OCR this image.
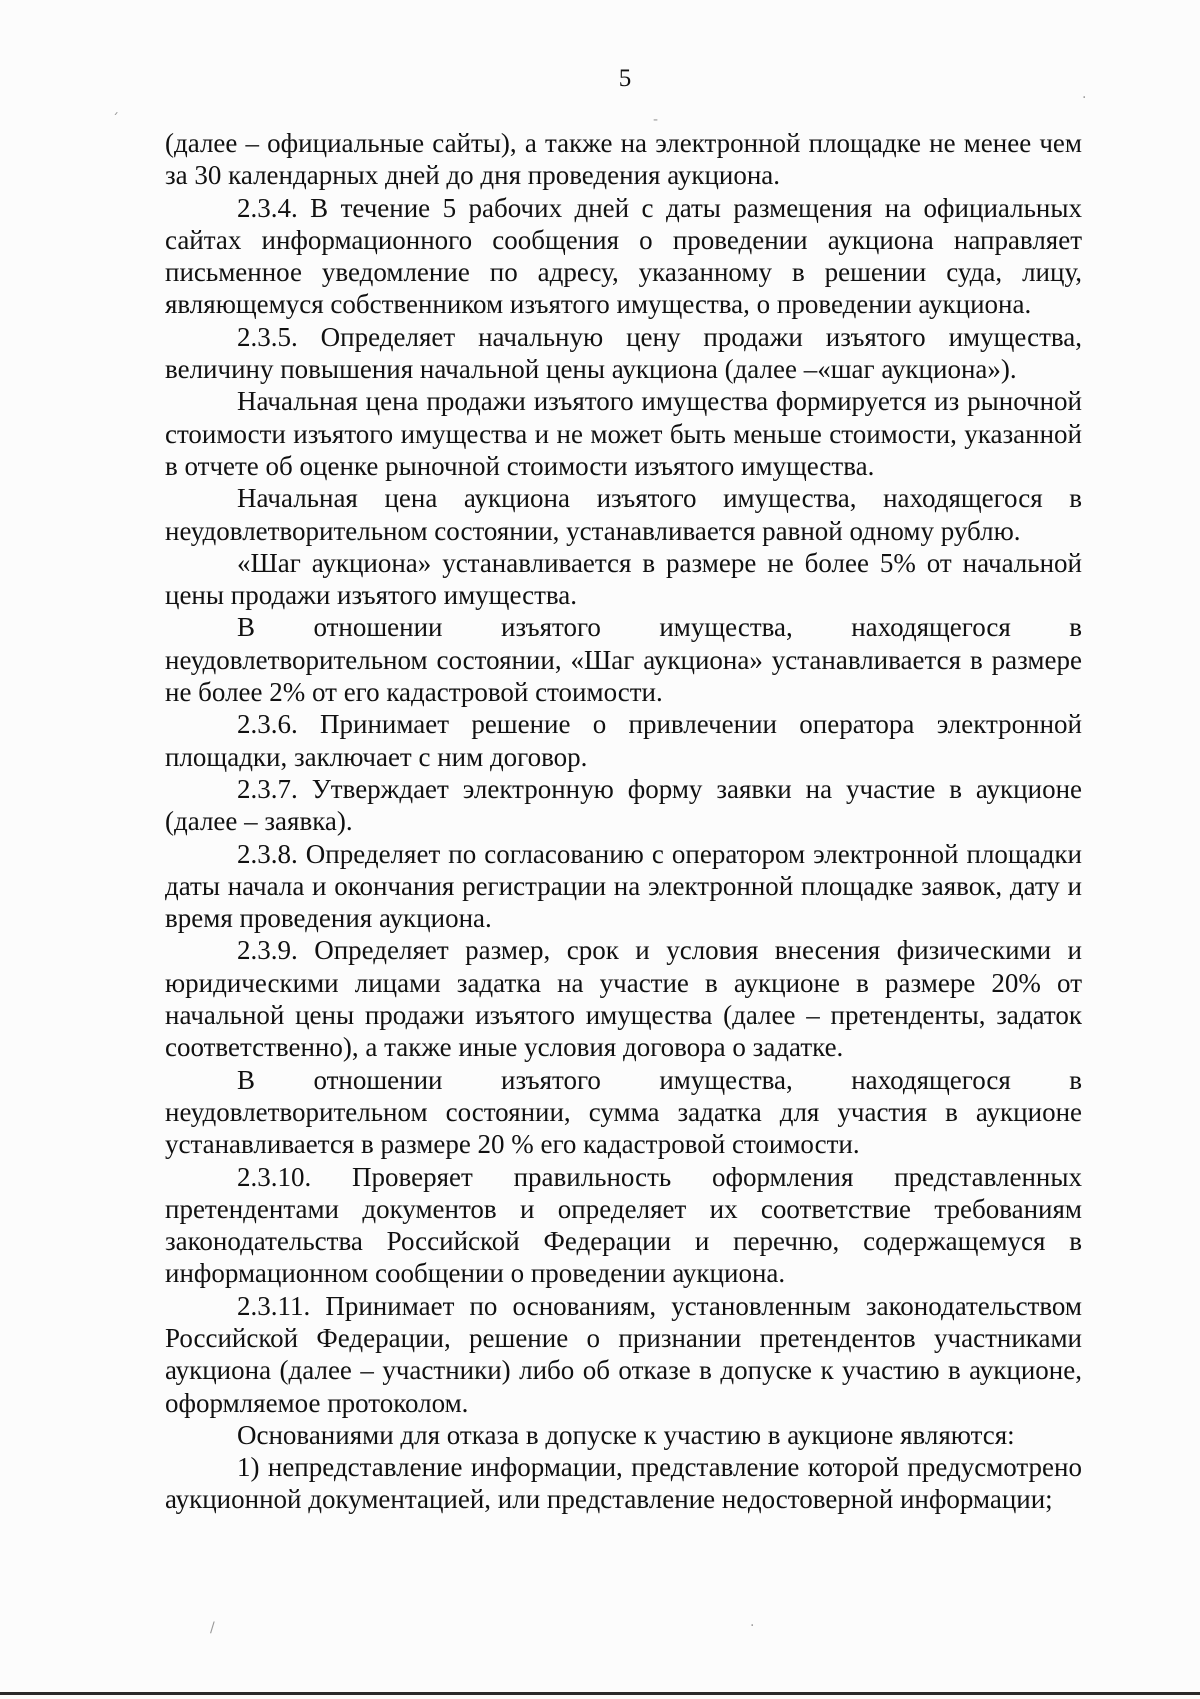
5
´	-
·
/	·

(далее – официальные сайты), а также на электронной площадке не менее чем за 30 календарных дней до дня проведения аукциона.

2.3.4. В течение 5 рабочих дней с даты размещения на официальных сайтах информационного сообщения о проведении аукциона направляет письменное уведомление по адресу, указанному в решении суда, лицу, являющемуся собственником изъятого имущества, о проведении аукциона.

2.3.5. Определяет начальную цену продажи изъятого имущества, величину повышения начальной цены аукциона (далее –«шаг аукциона»).

Начальная цена продажи изъятого имущества формируется из рыночной стоимости изъятого имущества и не может быть меньше стоимости, указанной в отчете об оценке рыночной стоимости изъятого имущества.

Начальная цена аукциона изъятого имущества, находящегося в неудовлетворительном состоянии, устанавливается равной одному рублю.

«Шаг аукциона» устанавливается в размере не более 5% от начальной цены продажи изъятого имущества.

В отношении изъятого имущества, находящегося в неудовлетворительном состоянии, «Шаг аукциона» устанавливается в размере не более 2% от его кадастровой стоимости.

2.3.6. Принимает решение о привлечении оператора электронной площадки, заключает с ним договор.

2.3.7. Утверждает электронную форму заявки на участие в аукционе (далее – заявка).

2.3.8. Определяет по согласованию с оператором электронной площадки даты начала и окончания регистрации на электронной площадке заявок, дату и время проведения аукциона.

2.3.9. Определяет размер, срок и условия внесения физическими и юридическими лицами задатка на участие в аукционе в размере 20% от начальной цены продажи изъятого имущества (далее – претенденты, задаток соответственно), а также иные условия договора о задатке.

В отношении изъятого имущества, находящегося в неудовлетворительном состоянии, сумма задатка для участия в аукционе устанавливается в размере 20 % его кадастровой стоимости.

2.3.10. Проверяет правильность оформления представленных претендентами документов и определяет их соответствие требованиям законодательства Российской Федерации и перечню, содержащемуся в информационном сообщении о проведении аукциона.

2.3.11. Принимает по основаниям, установленным законодательством Российской Федерации, решение о признании претендентов участниками аукциона (далее – участники) либо об отказе в допуске к участию в аукционе, оформляемое протоколом.

Основаниями для отказа в допуске к участию в аукционе являются:

1) непредставление информации, представление которой предусмотрено аукционной документацией, или представление недостоверной информации;
